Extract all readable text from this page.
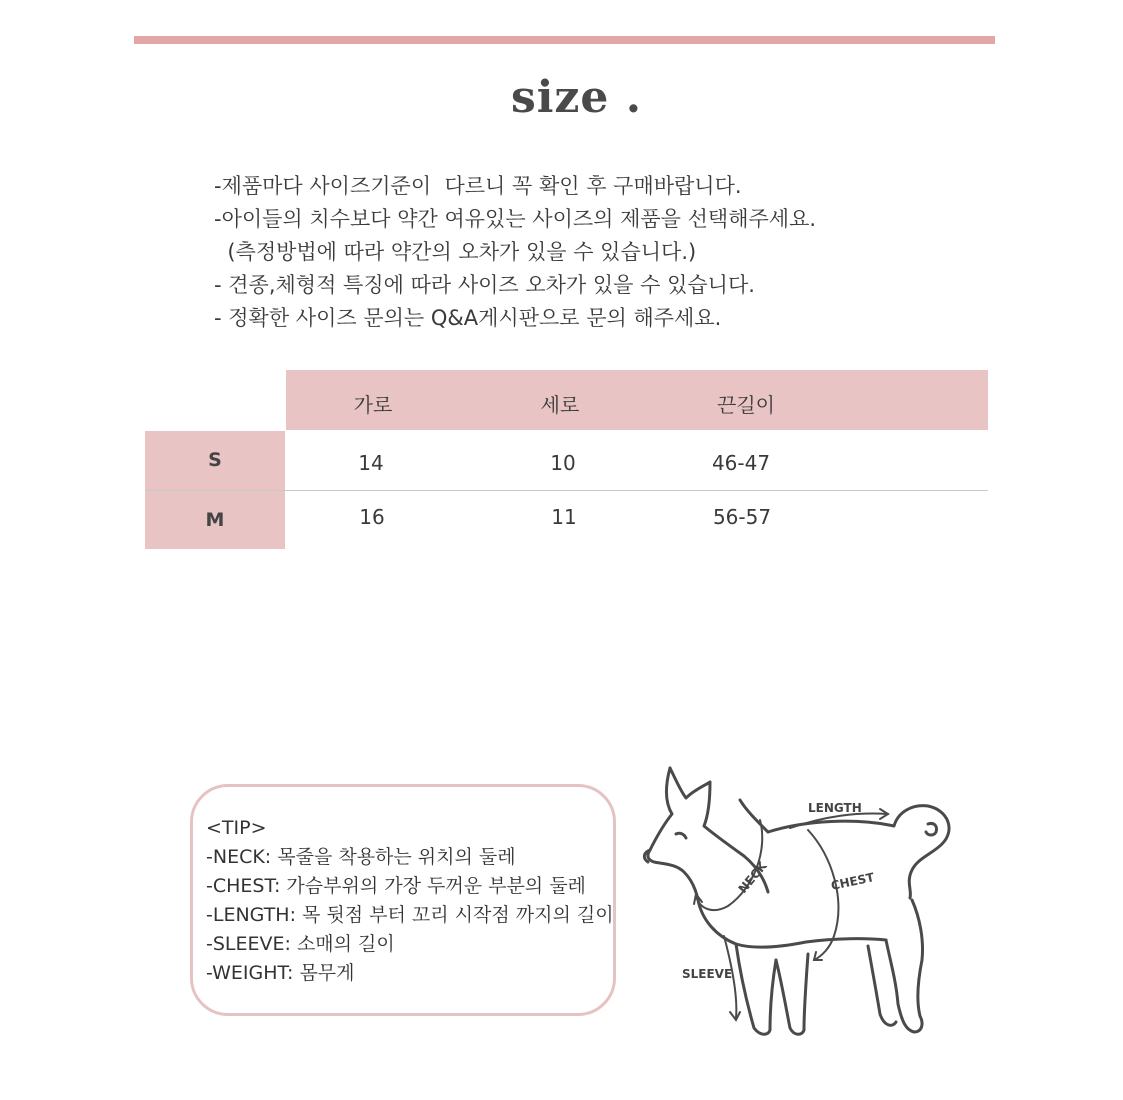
size .
-제품마다 사이즈기준이  다르니 꼭 확인 후 구매바랍니다.
-아이들의 치수보다 약간 여유있는 사이즈의 제품을 선택해주세요.
(측정방법에 따라 약간의 오차가 있을 수 있습니다.)
- 견종,체형적 특징에 따라 사이즈 오차가 있을 수 있습니다.
- 정확한 사이즈 문의는 Q&A게시판으로 문의 해주세요.
가로	세로	끈길이
S	14	10	46-47
M	16	11	56-57
<TIP>
-NECK: 목줄을 착용하는 위치의 둘레
-CHEST: 가슴부위의 가장 두꺼운 부분의 둘레
-LENGTH: 목 뒷점 부터 꼬리 시작점 까지의 길이
-SLEEVE: 소매의 길이
-WEIGHT: 몸무게
LENGTH
NECK	CHEST
SLEEVE
